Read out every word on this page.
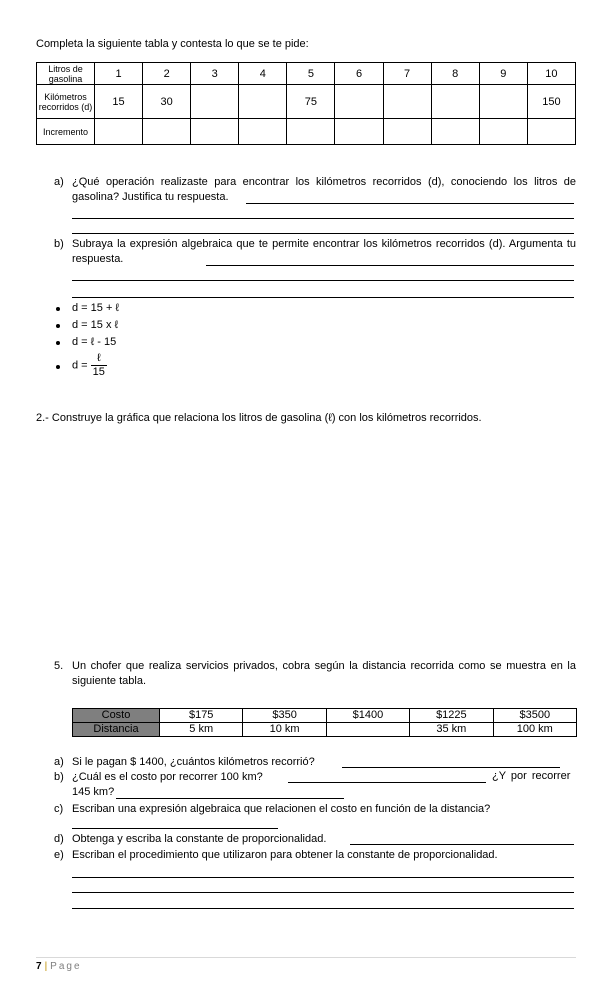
Completa la siguiente tabla y contesta lo que se te pide:
Litros de gasolina	1	2	3	4	5	6	7	8	9	10
Kilómetros recorridos (d)	15	30			75					150
Incremento										
a) ¿Qué operación realizaste para encontrar los kilómetros recorridos (d), conociendo los litros de gasolina? Justifica tu respuesta.
b) Subraya la expresión algebraica que te permite encontrar los kilómetros recorridos (d). Argumenta tu respuesta.
d = 15 + ℓ
d = 15 x ℓ
d = ℓ - 15
$d = \frac{\text{ℓ}}{15}$
2.- Construye la gráfica que relaciona los litros de gasolina (ℓ) con los kilómetros recorridos.
5. Un chofer que realiza servicios privados, cobra según la distancia recorrida como se muestra en la siguiente tabla.
Costo	$175	$350	$1400	$1225	$3500
Distancia	5 km	10 km		35 km	100 km
a) Si le pagan $ 1400, ¿cuántos kilómetros recorrió?
b) ¿Cuál es el costo por recorrer 100 km?	¿Y por recorrer
145 km?
c) Escriban una expresión algebraica que relacionen el costo en función de la distancia?
d) Obtenga y escriba la constante de proporcionalidad.
e) Escriban el procedimiento que utilizaron para obtener la constante de proporcionalidad.
7 | Page
